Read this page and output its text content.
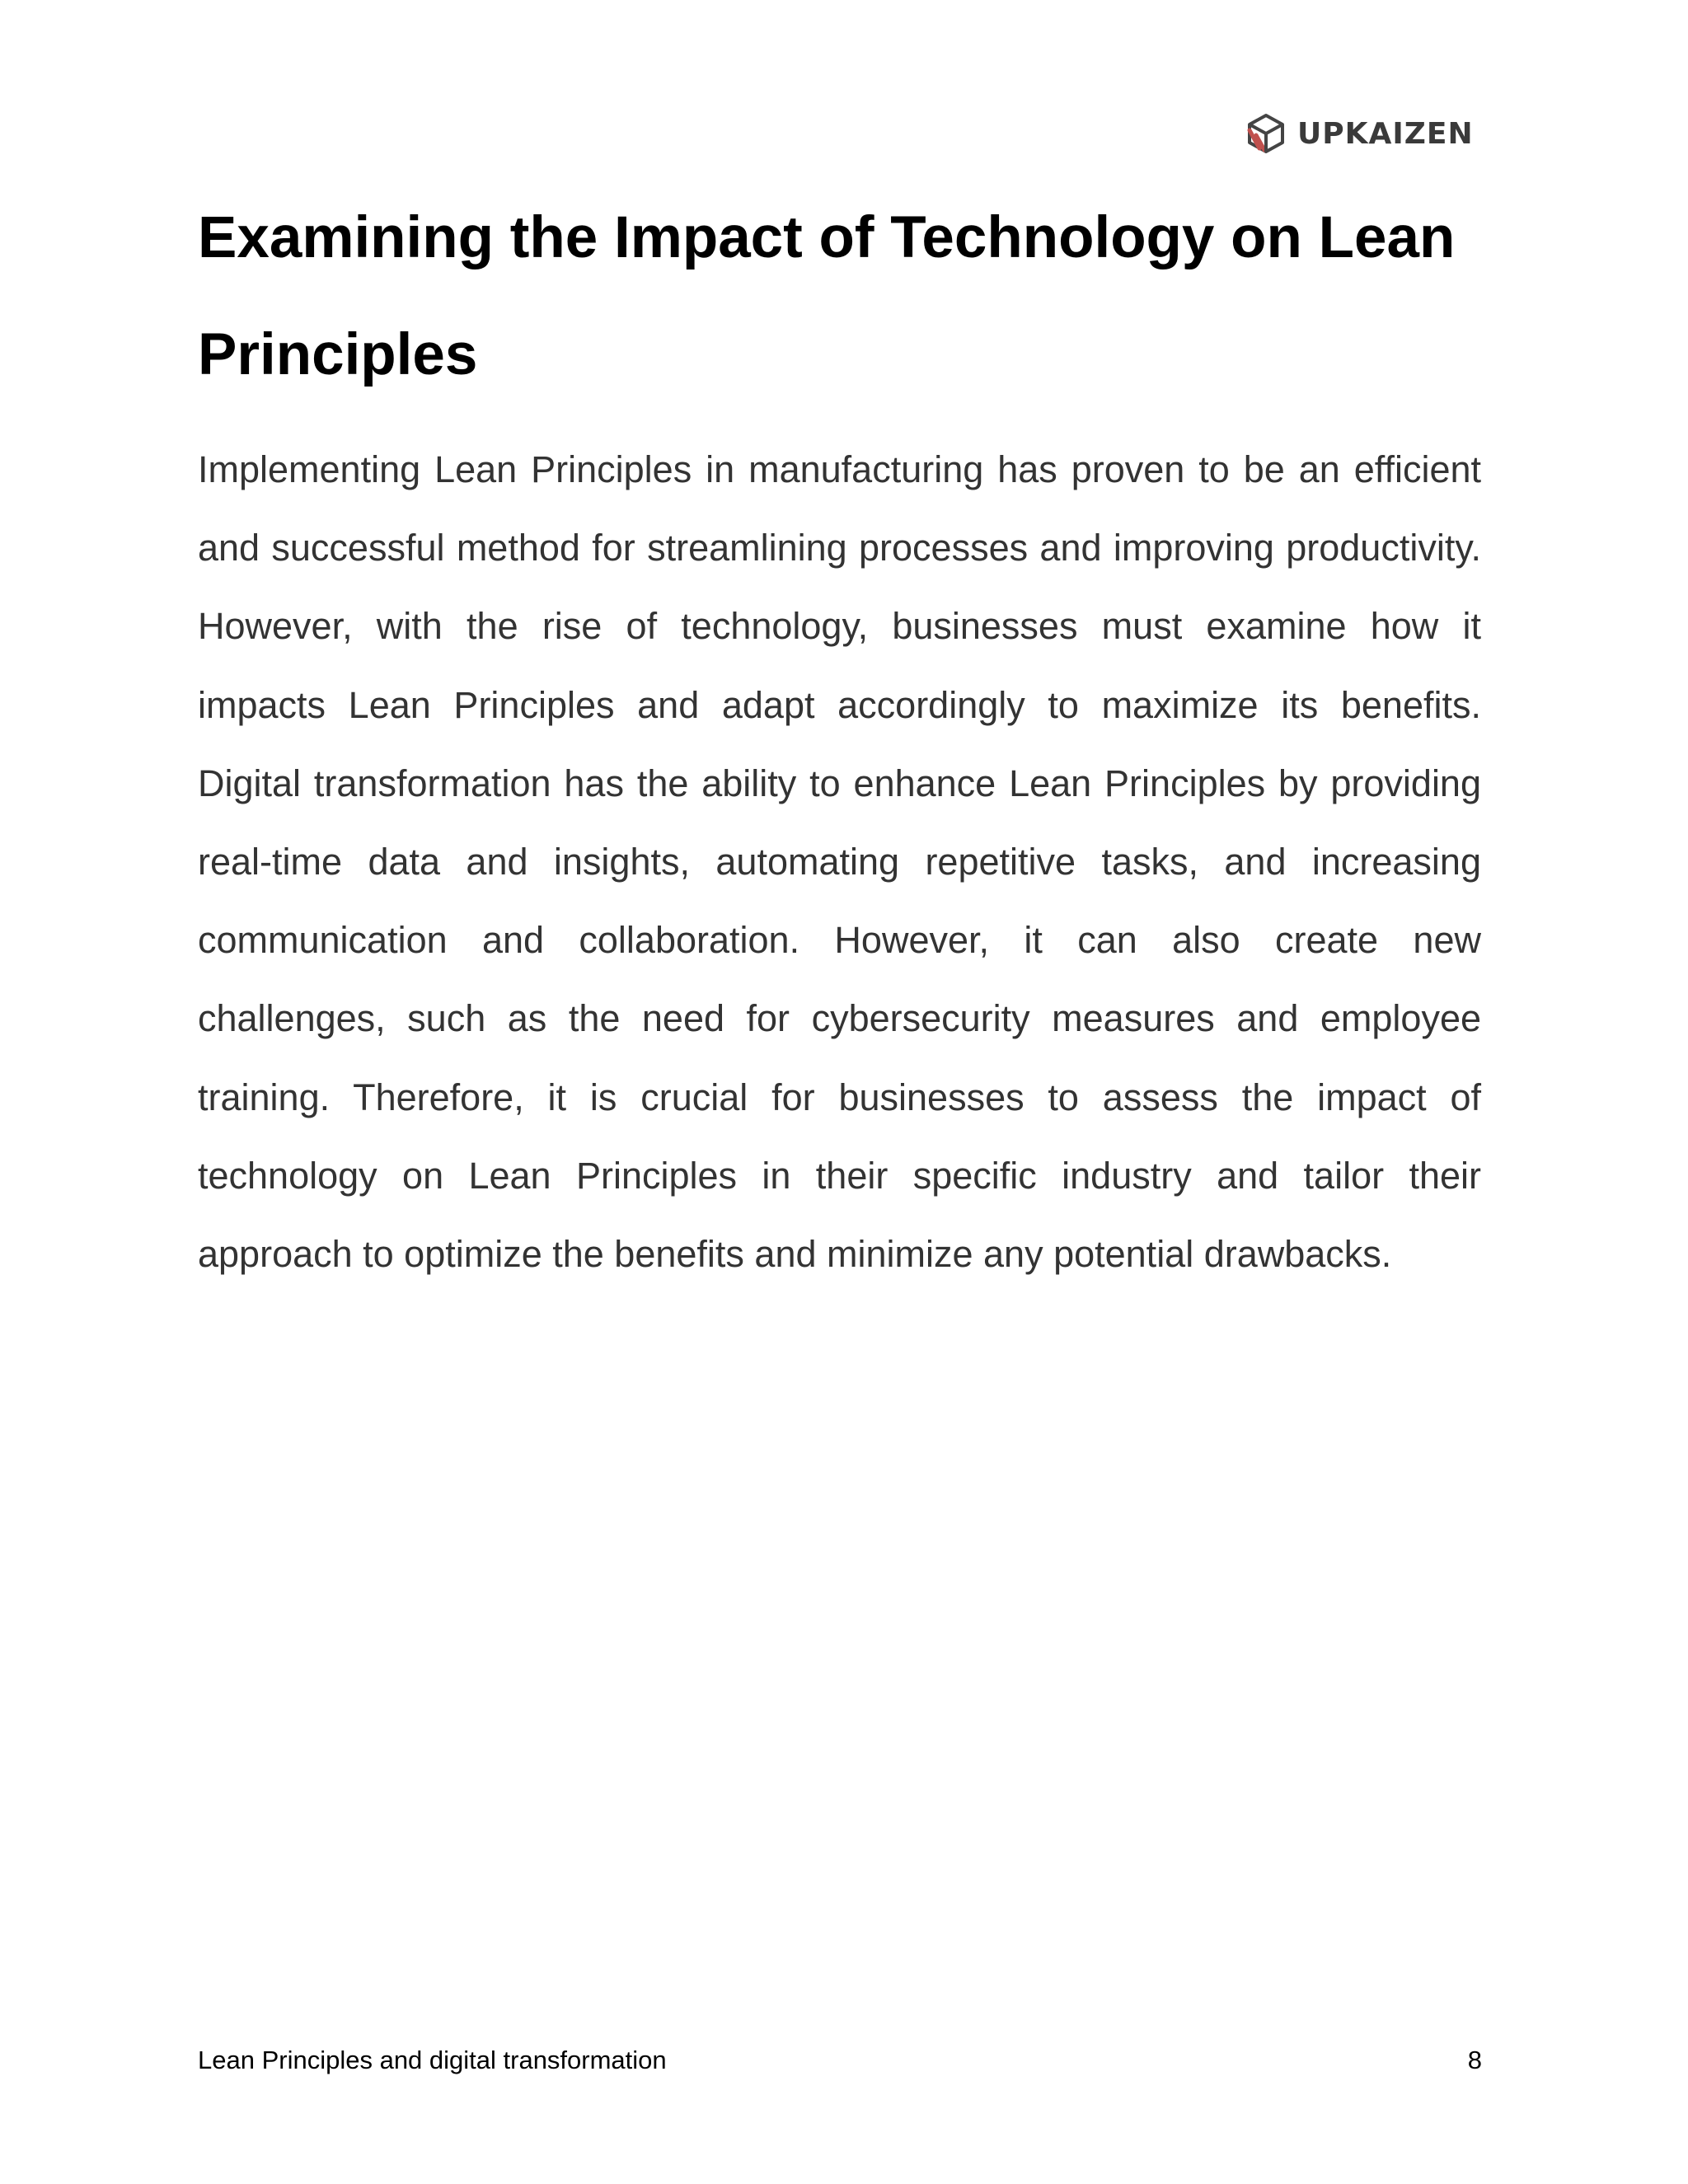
UPKAIZEN
Examining the Impact of Technology on Lean Principles

Implementing Lean Principles in manufacturing has proven to be an efficient and successful method for streamlining processes and improving productivity. However, with the rise of technology, businesses must examine how it impacts Lean Principles and adapt accordingly to maximize its benefits. Digital transformation has the ability to enhance Lean Principles by providing real-time data and insights, automating repetitive tasks, and increasing communication and collaboration. However, it can also create new challenges, such as the need for cybersecurity measures and employee training. Therefore, it is crucial for businesses to assess the impact of technology on Lean Principles in their specific industry and tailor their approach to optimize the benefits and minimize any potential drawbacks.

Lean Principles and digital transformation	8
